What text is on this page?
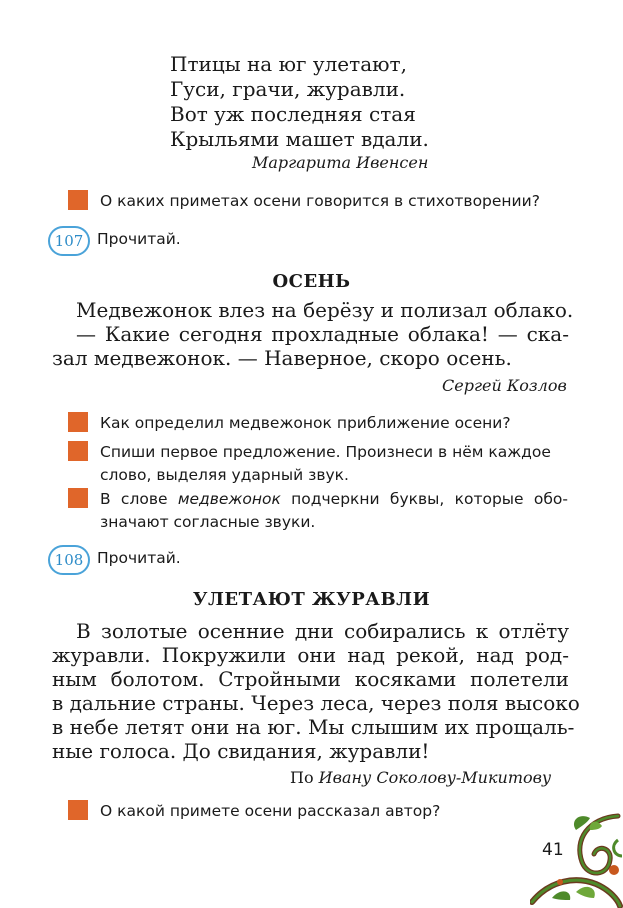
Птицы на юг улетают,
Гуси, грачи, журавли.
Вот уж последняя стая
Крыльями машет вдали.
Маргарита Ивенсен
О каких приметах осени говорится в стихотворении?
107 Прочитай.
ОСЕНЬ
Медвежонок влез на берёзу и полизал облако.
— Какие сегодня прохладные облака! — ска-
зал медвежонок. — Наверное, скоро осень.
Сергей Козлов
Как определил медвежонок приближение осени?
Спиши первое предложение. Произнеси в нём каждое
слово, выделяя ударный звук.
В слове медвежонок подчеркни буквы, которые обо-
значают согласные звуки.
108 Прочитай.
УЛЕТАЮТ ЖУРАВЛИ
В золотые осенние дни собирались к отлёту
журавли. Покружили они над рекой, над род-
ным болотом. Стройными косяками полетели
в дальние страны. Через леса, через поля высоко
в небе летят они на юг. Мы слышим их прощаль-
ные голоса. До свидания, журавли!
По Ивану Соколову-Микитову
О какой примете осени рассказал автор?
41
